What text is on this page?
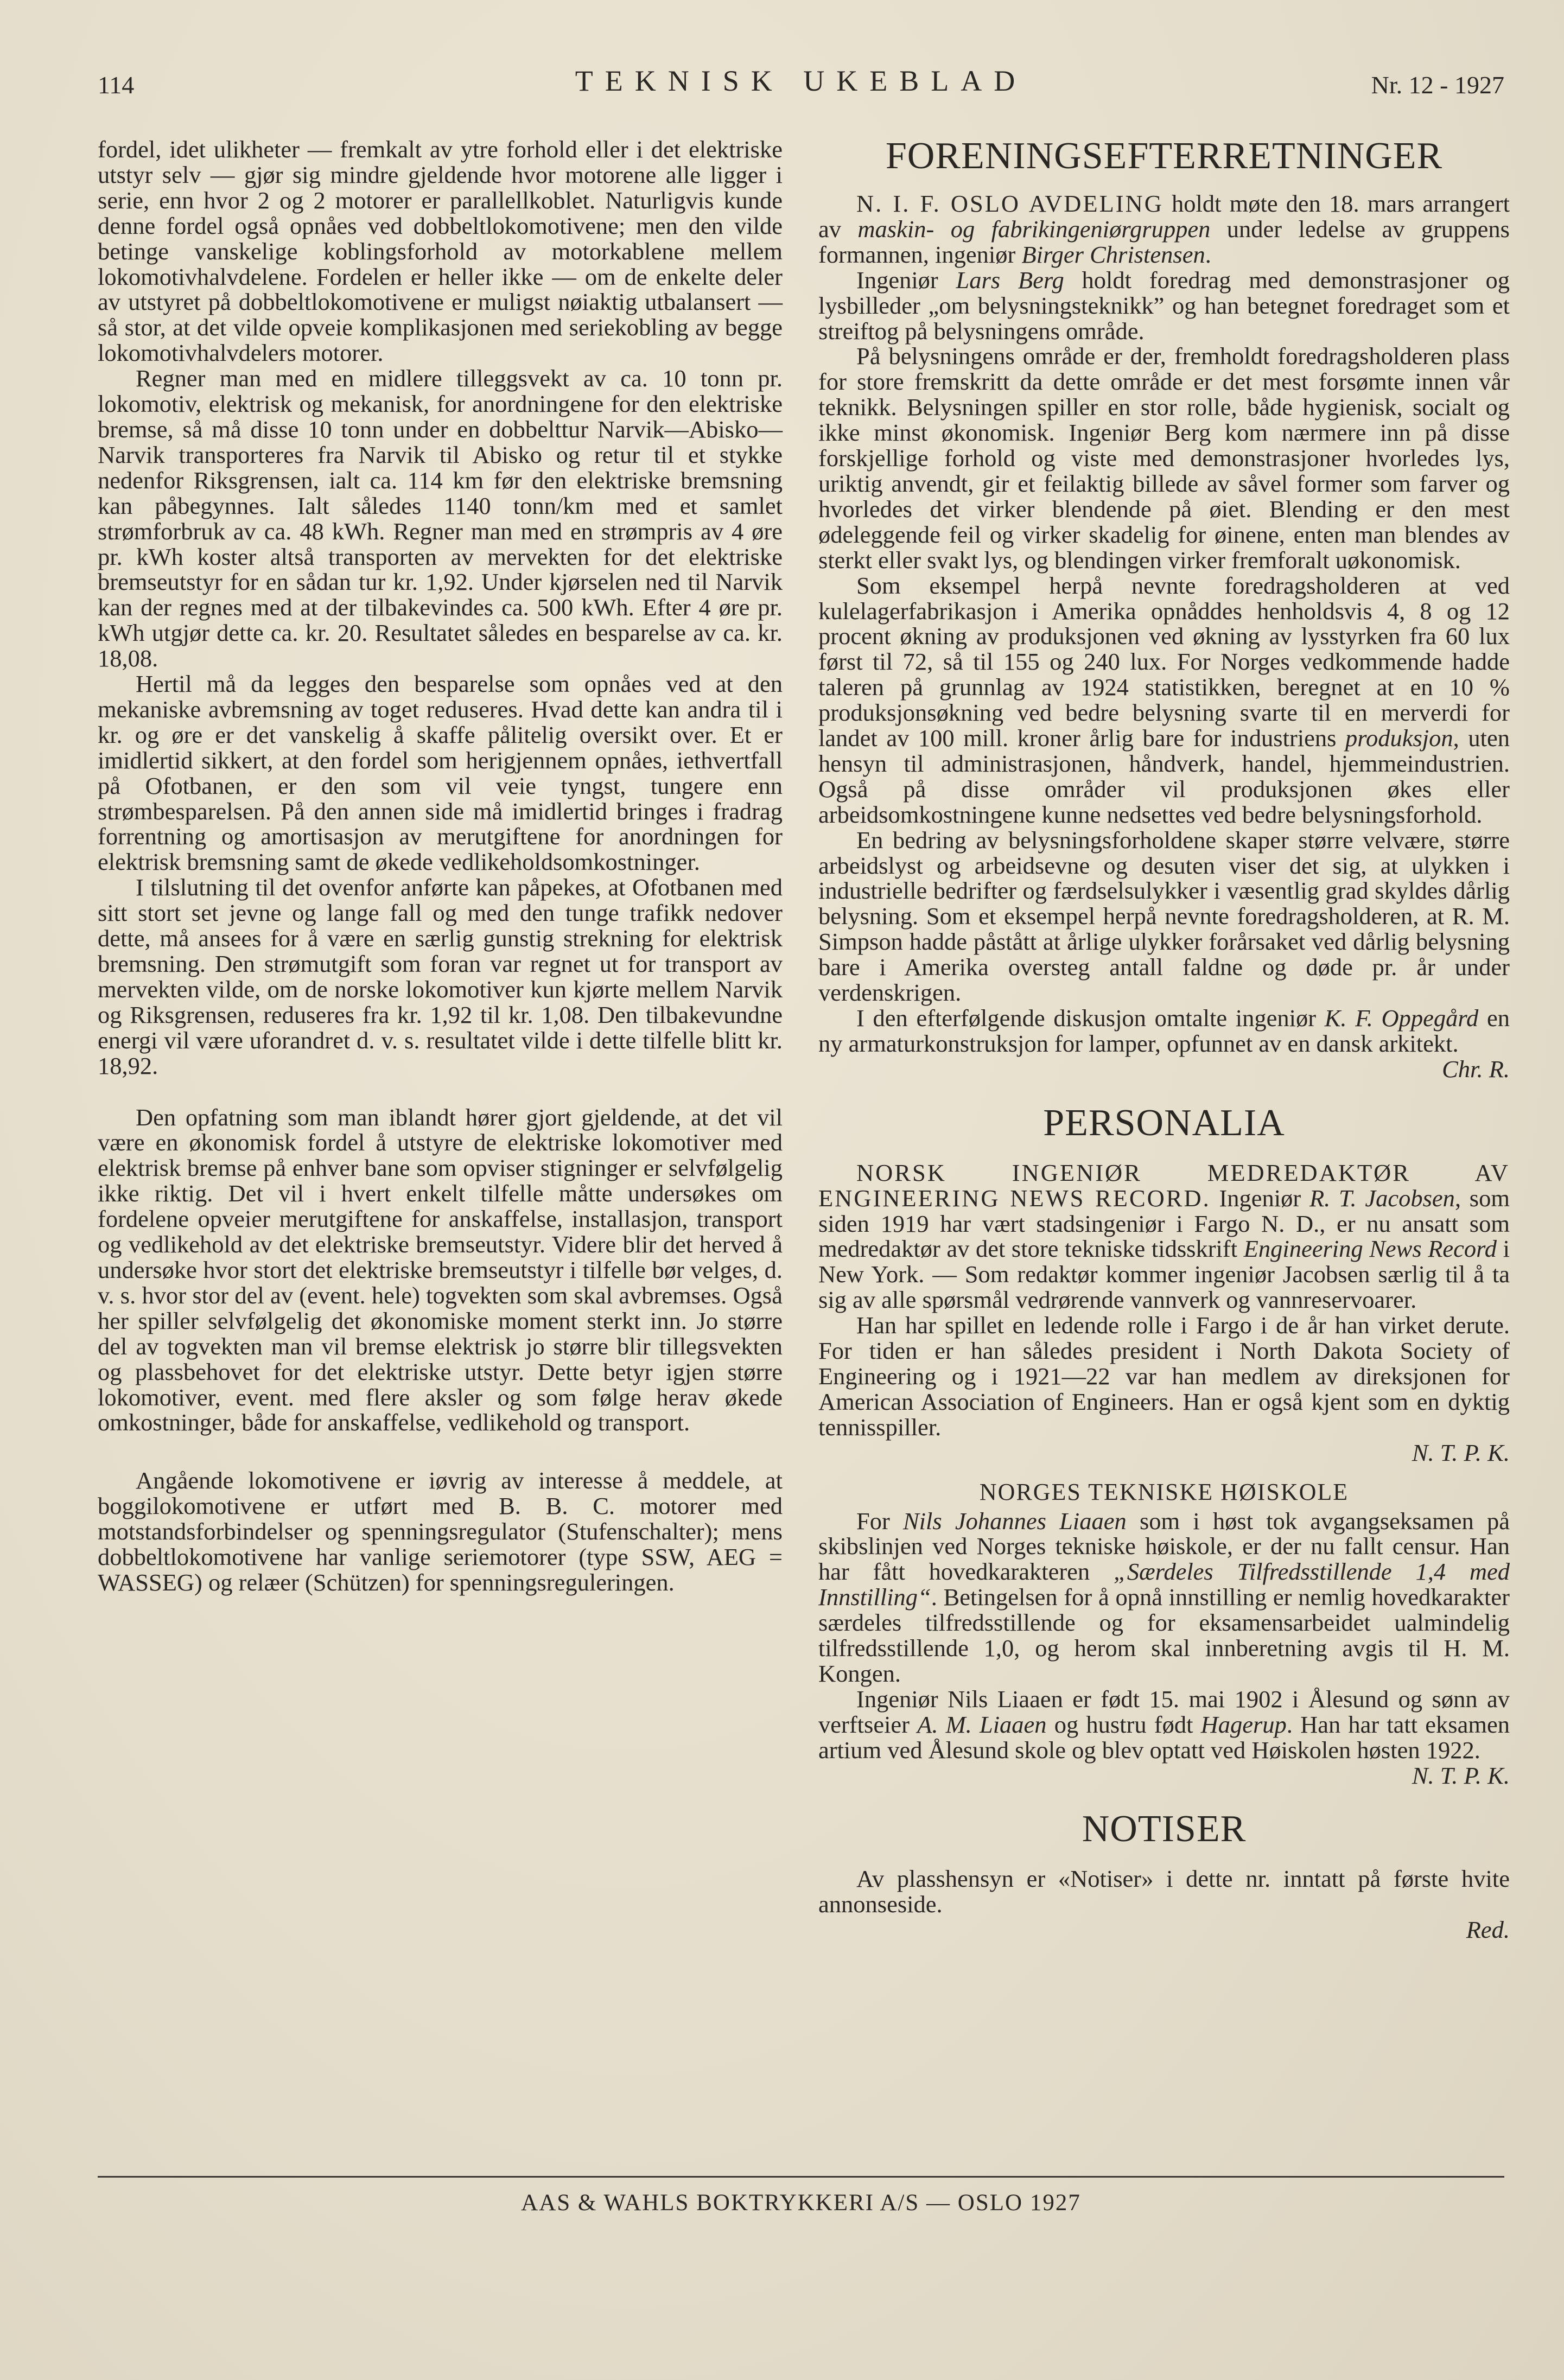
114	TEKNISK UKEBLAD	Nr. 12 - 1927

fordel, idet ulikheter — fremkalt av ytre forhold eller i det elektriske utstyr selv — gjør sig mindre gjeldende hvor motorene alle ligger i serie, enn hvor 2 og 2 motorer er parallellkoblet. Naturligvis kunde denne fordel også opnåes ved dobbeltlokomotivene; men den vilde betinge vanskelige koblingsforhold av motorkablene mellem lokomotivhalvdelene. Fordelen er heller ikke — om de enkelte deler av utstyret på dobbeltlokomotivene er muligst nøiaktig utbalansert — så stor, at det vilde opveie komplikasjonen med seriekobling av begge lokomotivhalvdelers motorer.

Regner man med en midlere tilleggsvekt av ca. 10 tonn pr. lokomotiv, elektrisk og mekanisk, for anordningene for den elektriske bremse, så må disse 10 tonn under en dobbelttur Narvik—Abisko—Narvik transporteres fra Narvik til Abisko og retur til et stykke nedenfor Riksgrensen, ialt ca. 114 km før den elektriske bremsning kan påbegynnes. Ialt således 1140 tonn/km med et samlet strømforbruk av ca. 48 kWh. Regner man med en strømpris av 4 øre pr. kWh koster altså transporten av mervekten for det elektriske bremseutstyr for en sådan tur kr. 1,92. Under kjørselen ned til Narvik kan der regnes med at der tilbakevindes ca. 500 kWh. Efter 4 øre pr. kWh utgjør dette ca. kr. 20. Resultatet således en besparelse av ca. kr. 18,08.

Hertil må da legges den besparelse som opnåes ved at den mekaniske avbremsning av toget reduseres. Hvad dette kan andra til i kr. og øre er det vanskelig å skaffe pålitelig oversikt over. Et er imidlertid sikkert, at den fordel som herigjennem opnåes, iethvertfall på Ofotbanen, er den som vil veie tyngst, tungere enn strømbesparelsen. På den annen side må imidlertid bringes i fradrag forrentning og amortisasjon av merutgiftene for anordningen for elektrisk bremsning samt de økede vedlikeholdsomkostninger.

I tilslutning til det ovenfor anførte kan påpekes, at Ofotbanen med sitt stort set jevne og lange fall og med den tunge trafikk nedover dette, må ansees for å være en særlig gunstig strekning for elektrisk bremsning. Den strømutgift som foran var regnet ut for transport av mervekten vilde, om de norske lokomotiver kun kjørte mellem Narvik og Riksgrensen, reduseres fra kr. 1,92 til kr. 1,08. Den tilbakevundne energi vil være uforandret d. v. s. resultatet vilde i dette tilfelle blitt kr. 18,92.

Den opfatning som man iblandt hører gjort gjeldende, at det vil være en økonomisk fordel å utstyre de elektriske lokomotiver med elektrisk bremse på enhver bane som opviser stigninger er selvfølgelig ikke riktig. Det vil i hvert enkelt tilfelle måtte undersøkes om fordelene opveier merutgiftene for anskaffelse, installasjon, transport og vedlikehold av det elektriske bremseutstyr. Videre blir det herved å undersøke hvor stort det elektriske bremseutstyr i tilfelle bør velges, d. v. s. hvor stor del av (event. hele) togvekten som skal avbremses. Også her spiller selvfølgelig det økonomiske moment sterkt inn. Jo større del av togvekten man vil bremse elektrisk jo større blir tillegsvekten og plassbehovet for det elektriske utstyr. Dette betyr igjen større lokomotiver, event. med flere aksler og som følge herav økede omkostninger, både for anskaffelse, vedlikehold og transport.

Angående lokomotivene er iøvrig av interesse å meddele, at boggilokomotivene er utført med B. B. C. motorer med motstandsforbindelser og spenningsregulator (Stufenschalter); mens dobbeltlokomotivene har vanlige seriemotorer (type SSW, AEG = WASSEG) og relæer (Schützen) for spenningsreguleringen.

FORENINGSEFTERRETNINGER

N. I. F. OSLO AVDELING holdt møte den 18. mars arrangert av maskin- og fabrikingeniørgruppen under ledelse av gruppens formannen, ingeniør Birger Christensen.

Ingeniør Lars Berg holdt foredrag med demonstrasjoner og lysbilleder „om belysningsteknikk” og han betegnet foredraget som et streiftog på belysningens område.

På belysningens område er der, fremholdt foredragsholderen plass for store fremskritt da dette område er det mest forsømte innen vår teknikk. Belysningen spiller en stor rolle, både hygienisk, socialt og ikke minst økonomisk. Ingeniør Berg kom nærmere inn på disse forskjellige forhold og viste med demonstrasjoner hvorledes lys, uriktig anvendt, gir et feilaktig billede av såvel former som farver og hvorledes det virker blendende på øiet. Blending er den mest ødeleggende feil og virker skadelig for øinene, enten man blendes av sterkt eller svakt lys, og blendingen virker fremforalt uøkonomisk.

Som eksempel herpå nevnte foredragsholderen at ved kulelagerfabrikasjon i Amerika opnåddes henholdsvis 4, 8 og 12 procent økning av produksjonen ved økning av lysstyrken fra 60 lux først til 72, så til 155 og 240 lux. For Norges vedkommende hadde taleren på grunnlag av 1924 statistikken, beregnet at en 10 % produksjonsøkning ved bedre belysning svarte til en merverdi for landet av 100 mill. kroner årlig bare for industriens produksjon, uten hensyn til administrasjonen, håndverk, handel, hjemmeindustrien. Også på disse områder vil produksjonen økes eller arbeidsomkostningene kunne nedsettes ved bedre belysningsforhold.

En bedring av belysningsforholdene skaper større velvære, større arbeidslyst og arbeidsevne og desuten viser det sig, at ulykken i industrielle bedrifter og færdselsulykker i væsentlig grad skyldes dårlig belysning. Som et eksempel herpå nevnte foredragsholderen, at R. M. Simpson hadde påstått at årlige ulykker forårsaket ved dårlig belysning bare i Amerika oversteg antall faldne og døde pr. år under verdenskrigen.

I den efterfølgende diskusjon omtalte ingeniør K. F. Oppegård en ny armaturkonstruksjon for lamper, opfunnet av en dansk arkitekt.

Chr. R.

PERSONALIA

NORSK INGENIØR MEDREDAKTØR AV ENGINEERING NEWS RECORD. Ingeniør R. T. Jacobsen, som siden 1919 har vært stadsingeniør i Fargo N. D., er nu ansatt som medredaktør av det store tekniske tidsskrift Engineering News Record i New York. — Som redaktør kommer ingeniør Jacobsen særlig til å ta sig av alle spørsmål vedrørende vannverk og vannreservoarer.

Han har spillet en ledende rolle i Fargo i de år han virket derute. For tiden er han således president i North Dakota Society of Engineering og i 1921—22 var han medlem av direksjonen for American Association of Engineers. Han er også kjent som en dyktig tennisspiller.

N. T. P. K.

NORGES TEKNISKE HØISKOLE

For Nils Johannes Liaaen som i høst tok avgangseksamen på skibslinjen ved Norges tekniske høiskole, er der nu fallt censur. Han har fått hovedkarakteren „Særdeles Tilfredsstillende 1,4 med Innstilling“. Betingelsen for å opnå innstilling er nemlig hovedkarakter særdeles tilfredsstillende og for eksamensarbeidet ualmindelig tilfredsstillende 1,0, og herom skal innberetning avgis til H. M. Kongen.

Ingeniør Nils Liaaen er født 15. mai 1902 i Ålesund og sønn av verftseier A. M. Liaaen og hustru født Hagerup. Han har tatt eksamen artium ved Ålesund skole og blev optatt ved Høiskolen høsten 1922.

N. T. P. K.

NOTISER

Av plasshensyn er «Notiser» i dette nr. inntatt på første hvite annonseside.

Red.

AAS & WAHLS BOKTRYKKERI A/S — OSLO 1927
